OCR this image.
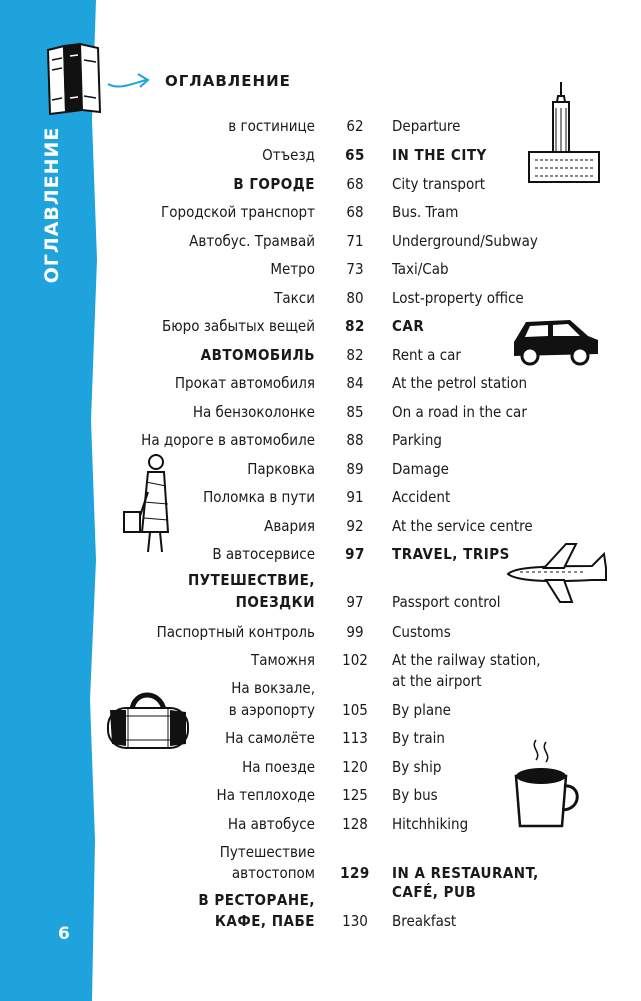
ОГЛАВЛЕНИЕ
6
ОГЛАВЛЕНИЕ
в гостинице
Отъезд
В ГОРОДЕ
Городской транспорт
Автобус. Трамвай
Метро
Такси
Бюро забытых вещей
АВТОМОБИЛЬ
Прокат автомобиля
На бензоколонке
На дороге в автомобиле
Парковка
Поломка в пути
Авария
В автосервисе
ПУТЕШЕСТВИЕ,
ПОЕЗДКИ
Паспортный контроль
Таможня
На вокзале,
в аэропорту
На самолёте
На поезде
На теплоходе
На автобусе
Путешествие
автостопом
В РЕСТОРАНЕ,
КАФЕ, ПАБЕ
62
65
68
68
71
73
80
82
82
84
85
88
89
91
92
97
97
99
102
105
113
120
125
128
129
130
Departure
IN THE CITY
City transport
Bus. Tram
Underground/Subway
Taxi/Cab
Lost-property office
CAR
Rent a car
At the petrol station
On a road in the car
Parking
Damage
Accident
At the service centre
TRAVEL, TRIPS
Passport control
Customs
At the railway station,
at the airport
By plane
By train
By ship
By bus
Hitchhiking
IN A RESTAURANT,
CAFÉ, PUB
Breakfast
